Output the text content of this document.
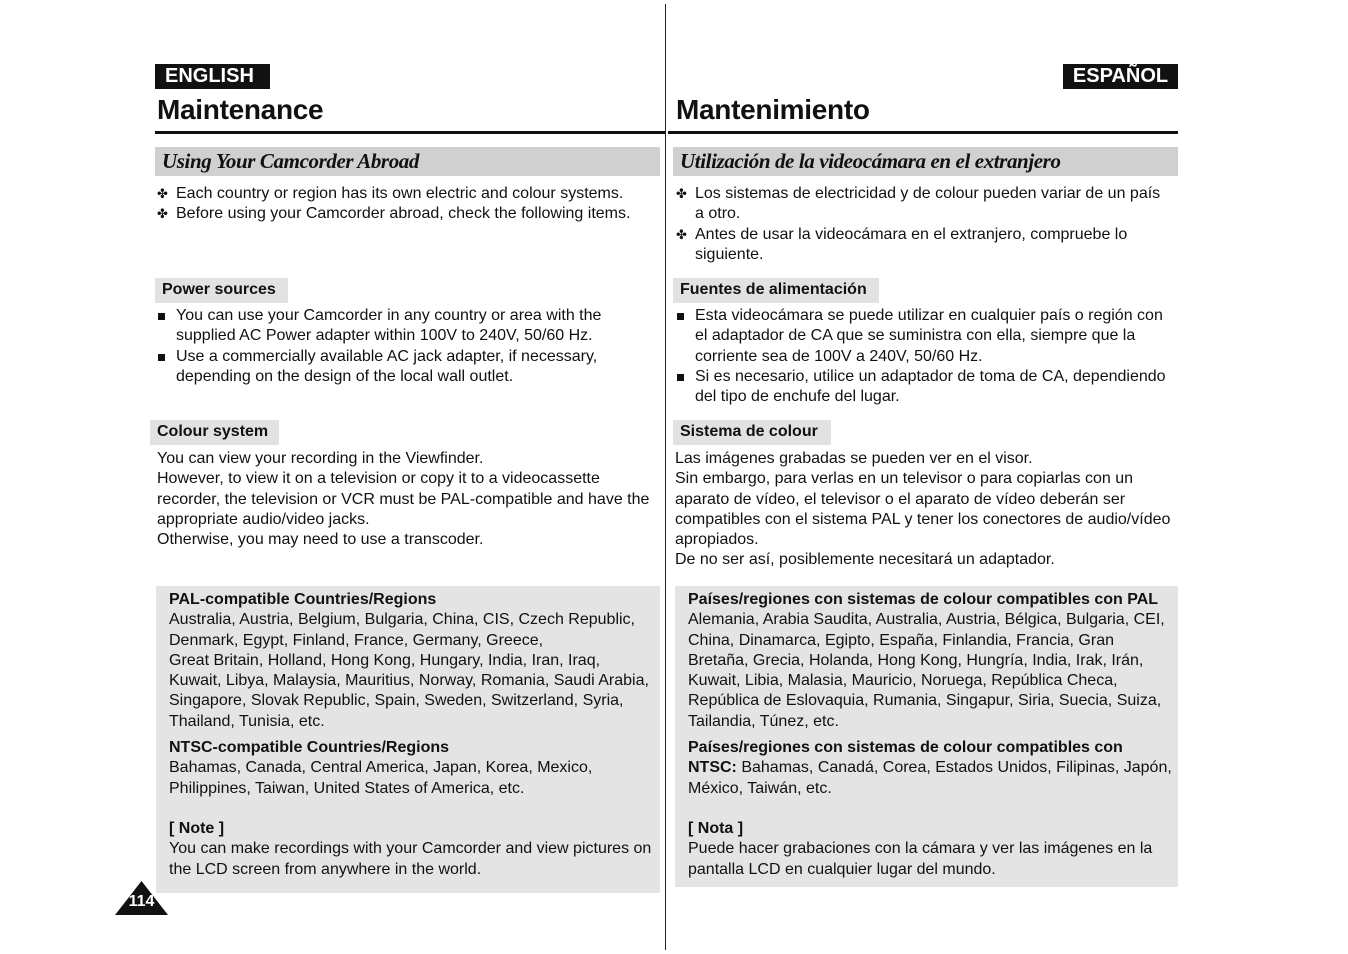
ENGLISH	ESPAÑOL
Maintenance	Mantenimiento
Using Your Camcorder Abroad
✤ Each country or region has its own electric and colour systems.
✤ Before using your Camcorder abroad, check the following items.
Power sources
You can use your Camcorder in any country or area with the supplied AC Power adapter within 100V to 240V, 50/60 Hz.
Use a commercially available AC jack adapter, if necessary, depending on the design of the local wall outlet.
Colour system
You can view your recording in the Viewfinder.
However, to view it on a television or copy it to a videocassette recorder, the television or VCR must be PAL-compatible and have the appropriate audio/video jacks.
Otherwise, you may need to use a transcoder.
PAL-compatible Countries/Regions
Australia, Austria, Belgium, Bulgaria, China, CIS, Czech Republic, Denmark, Egypt, Finland, France, Germany, Greece,
Great Britain, Holland, Hong Kong, Hungary, India, Iran, Iraq, Kuwait, Libya, Malaysia, Mauritius, Norway, Romania, Saudi Arabia, Singapore, Slovak Republic, Spain, Sweden, Switzerland, Syria, Thailand, Tunisia, etc.
NTSC-compatible Countries/Regions
Bahamas, Canada, Central America, Japan, Korea, Mexico, Philippines, Taiwan, United States of America, etc.
[ Note ]
You can make recordings with your Camcorder and view pictures on the LCD screen from anywhere in the world.
Utilización de la videocámara en el extranjero
✤ Los sistemas de electricidad y de colour pueden variar de un país a otro.
✤ Antes de usar la videocámara en el extranjero, compruebe lo siguiente.
Fuentes de alimentación
Esta videocámara se puede utilizar en cualquier país o región con el adaptador de CA que se suministra con ella, siempre que la corriente sea de 100V a 240V, 50/60 Hz.
Si es necesario, utilice un adaptador de toma de CA, dependiendo del tipo de enchufe del lugar.
Sistema de colour
Las imágenes grabadas se pueden ver en el visor.
Sin embargo, para verlas en un televisor o para copiarlas con un aparato de vídeo, el televisor o el aparato de vídeo deberán ser compatibles con el sistema PAL y tener los conectores de audio/vídeo apropiados.
De no ser así, posiblemente necesitará un adaptador.
Países/regiones con sistemas de colour compatibles con PAL
Alemania, Arabia Saudita, Australia, Austria, Bélgica, Bulgaria, CEI, China, Dinamarca, Egipto, España, Finlandia, Francia, Gran Bretaña, Grecia, Holanda, Hong Kong, Hungría, India, Irak, Irán, Kuwait, Libia, Malasia, Mauricio, Noruega, República Checa, República de Eslovaquia, Rumania, Singapur, Siria, Suecia, Suiza, Tailandia, Túnez, etc.
Países/regiones con sistemas de colour compatibles con
NTSC: Bahamas, Canadá, Corea, Estados Unidos, Filipinas, Japón, México, Taiwán, etc.
[ Nota ]
Puede hacer grabaciones con la cámara y ver las imágenes en la pantalla LCD en cualquier lugar del mundo.
114
